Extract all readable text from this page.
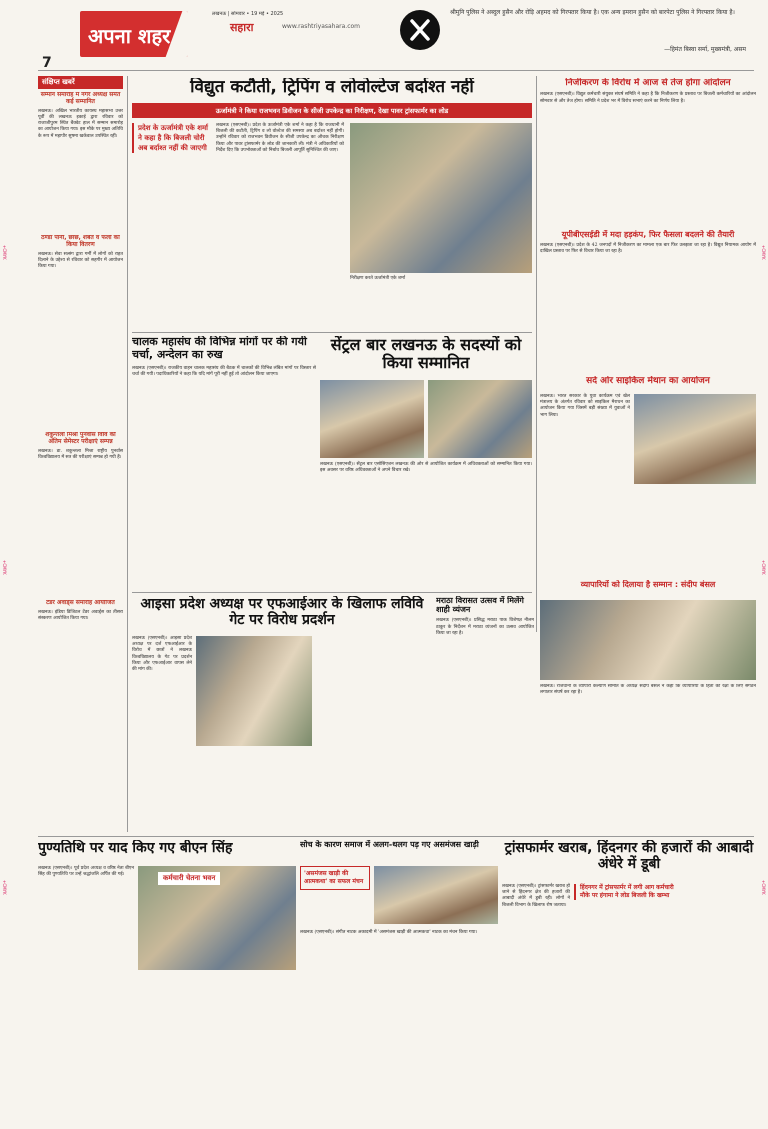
+CMYK
+CMYK
+CMYK
+CMYK
+CMYK
+CMYK
7
अपना शहर
लखनऊ | सोमवार • 19 मई • 2025
सहारा	www.rashtriyasahara.com
श्रीमुनि पुलिस ने अब्दुल हुसैन और रोड़ि अहमद को गिरफ्तार किया है। एक अन्य इमरान हुसैन को बारपेटा पुलिस ने गिरफ्तार किया है।
—हिमंत बिस्वा सर्मा, मुख्यमंत्री, असम
संक्षिप्त खबरें
सम्मान समारोह में नगर अध्यक्ष समेत कई सम्मानित
लखनऊ। अखिल भारतीय कायस्थ महासभा उत्तर पूर्वी की लखनऊ इकाई द्वारा रविवार को राजाजीपुरम स्थित बैंक्वेट हाल में सम्मान समारोह का आयोजन किया गया। इस मौके पर मुख्य अतिथि के रूप में महापौर सुषमा खर्कवाल उपस्थित रहीं।
ठण्डा पानी, छाछ, शर्बत व फलों का किया वितरण
लखनऊ। सेवा सत्संग द्वारा गर्मी में लोगों को राहत दिलाने के उद्देश्य से रविवार को सहगीर में आयोजन किया गया।
शकुन्तला मिश्रा पुनर्वास विवि की अंतिम सेमेस्टर परीक्षाएं सम्पन्न
लखनऊ। डा. शकुन्तला मिश्रा राष्ट्रीय पुनर्वास विश्वविद्यालय में सत्र की परीक्षाएं सम्पन्न हो गयी हैं।
टेंडर अवार्ड्स समारोह आयोजित
लखनऊ। इंडिया डिजिटल टेंडर अवार्ड्स का तीसरा संस्करण आयोजित किया गया।
विद्युत कटौती, ट्रिपिंग व लोवोल्टेज बर्दाश्त नहीं
ऊर्जामंत्री ने किया राजभवन डिवीजन के सीजी उपकेन्द्र का निरीक्षण, देखा पावर ट्रांसफार्मर का लोड
प्रदेश के ऊर्जामंत्री एके शर्मा ने कहा है कि बिजली चोरी अब बर्दाश्त नहीं की जाएगी
लखनऊ (एसएनबी)। प्रदेश के ऊर्जामंत्री एके शर्मा ने कहा है कि राजधानी में बिजली की कटौती, ट्रिपिंग व लो वोल्टेज की समस्या अब बर्दाश्त नहीं होगी। उन्होंने रविवार को राजभवन डिवीजन के सीजी उपकेन्द्र का औचक निरीक्षण किया और पावर ट्रांसफार्मर के लोड की जानकारी ली। मंत्री ने अधिकारियों को निर्देश दिए कि उपभोक्ताओं को निर्बाध बिजली आपूर्ति सुनिश्चित की जाए।
निरीक्षण करते ऊर्जामंत्री एके शर्मा
निजीकरण के विरोध में आज से तेज होगा आंदोलन
लखनऊ (एसएनबी)। विद्युत कर्मचारी संयुक्त संघर्ष समिति ने कहा है कि निजीकरण के प्रस्ताव पर बिजली कर्मचारियों का आंदोलन सोमवार से और तेज होगा। समिति ने प्रदेश भर में विरोध सभाएं करने का निर्णय लिया है।
यूपीबीएसईडी में मदा हड़कंप, फिर फैसला बदलने की तैयारी
लखनऊ (एसएनबी)। प्रदेश के 42 जनपदों में निजीकरण का मामला एक बार फिर उलझता जा रहा है। विद्युत नियामक आयोग में दाखिल प्रस्ताव पर फिर से विचार किया जा रहा है।
सर्द ओर साइकिल मेंथान का आयोजन
लखनऊ। भारत सरकार के युवा कार्यक्रम एवं खेल मंत्रालय के अंतर्गत रविवार को साइकिल मैराथन का आयोजन किया गया जिसमें बड़ी संख्या में युवाओं ने भाग लिया।
व्यापारियों को दिलाया है सम्मान : संदीप बंसल
लखनऊ। राजधानी के व्यापारी कल्याण समिति के अध्यक्ष संदीप बंसल ने कहा कि व्यापारियों के हितों की रक्षा के लिए संगठन लगातार संघर्ष कर रहा है।
चालक महासंघ की विभिन्न मांगों पर की गयी चर्चा, अन्देलन का रुख
लखनऊ (एसएनबी)। राजकीय वाहन चालक महासंघ की बैठक में चालकों की विभिन्न लंबित मांगों पर विस्तार से चर्चा की गयी। पदाधिकारियों ने कहा कि यदि मांगें पूरी नहीं हुईं तो आंदोलन किया जाएगा।
सेंट्रल बार लखनऊ के सदस्यों को किया सम्मानित
लखनऊ (एसएनबी)। सेंट्रल बार एसोसिएशन लखनऊ की ओर से आयोजित कार्यक्रम में अधिवक्ताओं को सम्मानित किया गया। इस अवसर पर वरिष्ठ अधिवक्ताओं ने अपने विचार रखे।
आइसा प्रदेश अध्यक्ष पर एफआईआर के खिलाफ लविवि गेट पर विरोध प्रदर्शन
लखनऊ (एसएनबी)। आइसा प्रदेश अध्यक्ष पर दर्ज एफआईआर के विरोध में छात्रों ने लखनऊ विश्वविद्यालय के गेट पर प्रदर्शन किया और एफआईआर वापस लेने की मांग की।
मराठा विरासत उत्सव में मिलेंगे शाही व्यंजन
लखनऊ (एसएनबी)। प्रसिद्ध मराठा पाक विशेषज्ञ नीलम ठाकुर के निर्देशन में मराठा व्यंजनों का उत्सव आयोजित किया जा रहा है।
पुण्यतिथि पर याद किए गए बीएन सिंह
लखनऊ (एसएनबी)। पूर्व प्रदेश अध्यक्ष व वरिष्ठ नेता बीएन सिंह की पुण्यतिथि पर उन्हें श्रद्धांजलि अर्पित की गई।	कर्मचारी चेतना भवन
सोच के कारण समाज में अलग-थलग पड़ गए असमंजस खाड़ी
'असमंजस खाड़ी की आत्मकथा' का सफल मंचन
लखनऊ (एसएनबी)। संगीत नाटक अकादमी में 'असमंजस खाड़ी की आत्मकथा' नाटक का मंचन किया गया।
ट्रांसफार्मर खराब, हिंदनगर की हजारों की आबादी अंधेरे में डूबी
हिंदनगर में ट्रांसफार्मर में लगी आग कर्मचारी मौके पर हंगामा ने लोड बिजली कि खम्भा
लखनऊ (एसएनबी)। ट्रांसफार्मर खराब हो जाने से हिंदनगर क्षेत्र की हजारों की आबादी अंधेरे में डूबी रही। लोगों ने बिजली विभाग के खिलाफ रोष जताया।
